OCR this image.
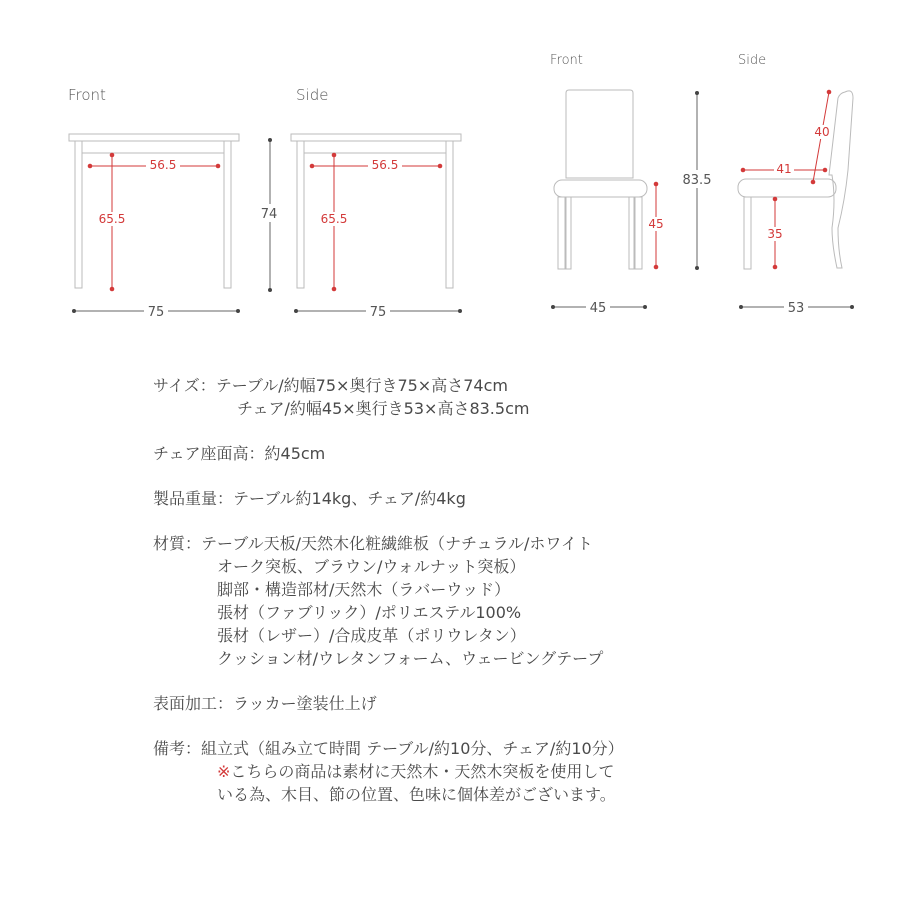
Front	Side
Front	Side
56.5
65.5
75
74
56.5
65.5
75
45
45
83.5
40
41
35
53
サイズ：テーブル/約幅75×奥行き75×高さ74cm
チェア/約幅45×奥行き53×高さ83.5cm
チェア座面高：約45cm
製品重量：テーブル約14kg、チェア/約4kg
材質：テーブル天板/天然木化粧繊維板（ナチュラル/ホワイト
オーク突板、ブラウン/ウォルナット突板）
脚部・構造部材/天然木（ラバーウッド）
張材（ファブリック）/ポリエステル100%
張材（レザー）/合成皮革（ポリウレタン）
クッション材/ウレタンフォーム、ウェービングテープ
表面加工：ラッカー塗装仕上げ
備考：組立式（組み立て時間 テーブル/約10分、チェア/約10分）
※こちらの商品は素材に天然木・天然木突板を使用して
いる為、木目、節の位置、色味に個体差がございます。
